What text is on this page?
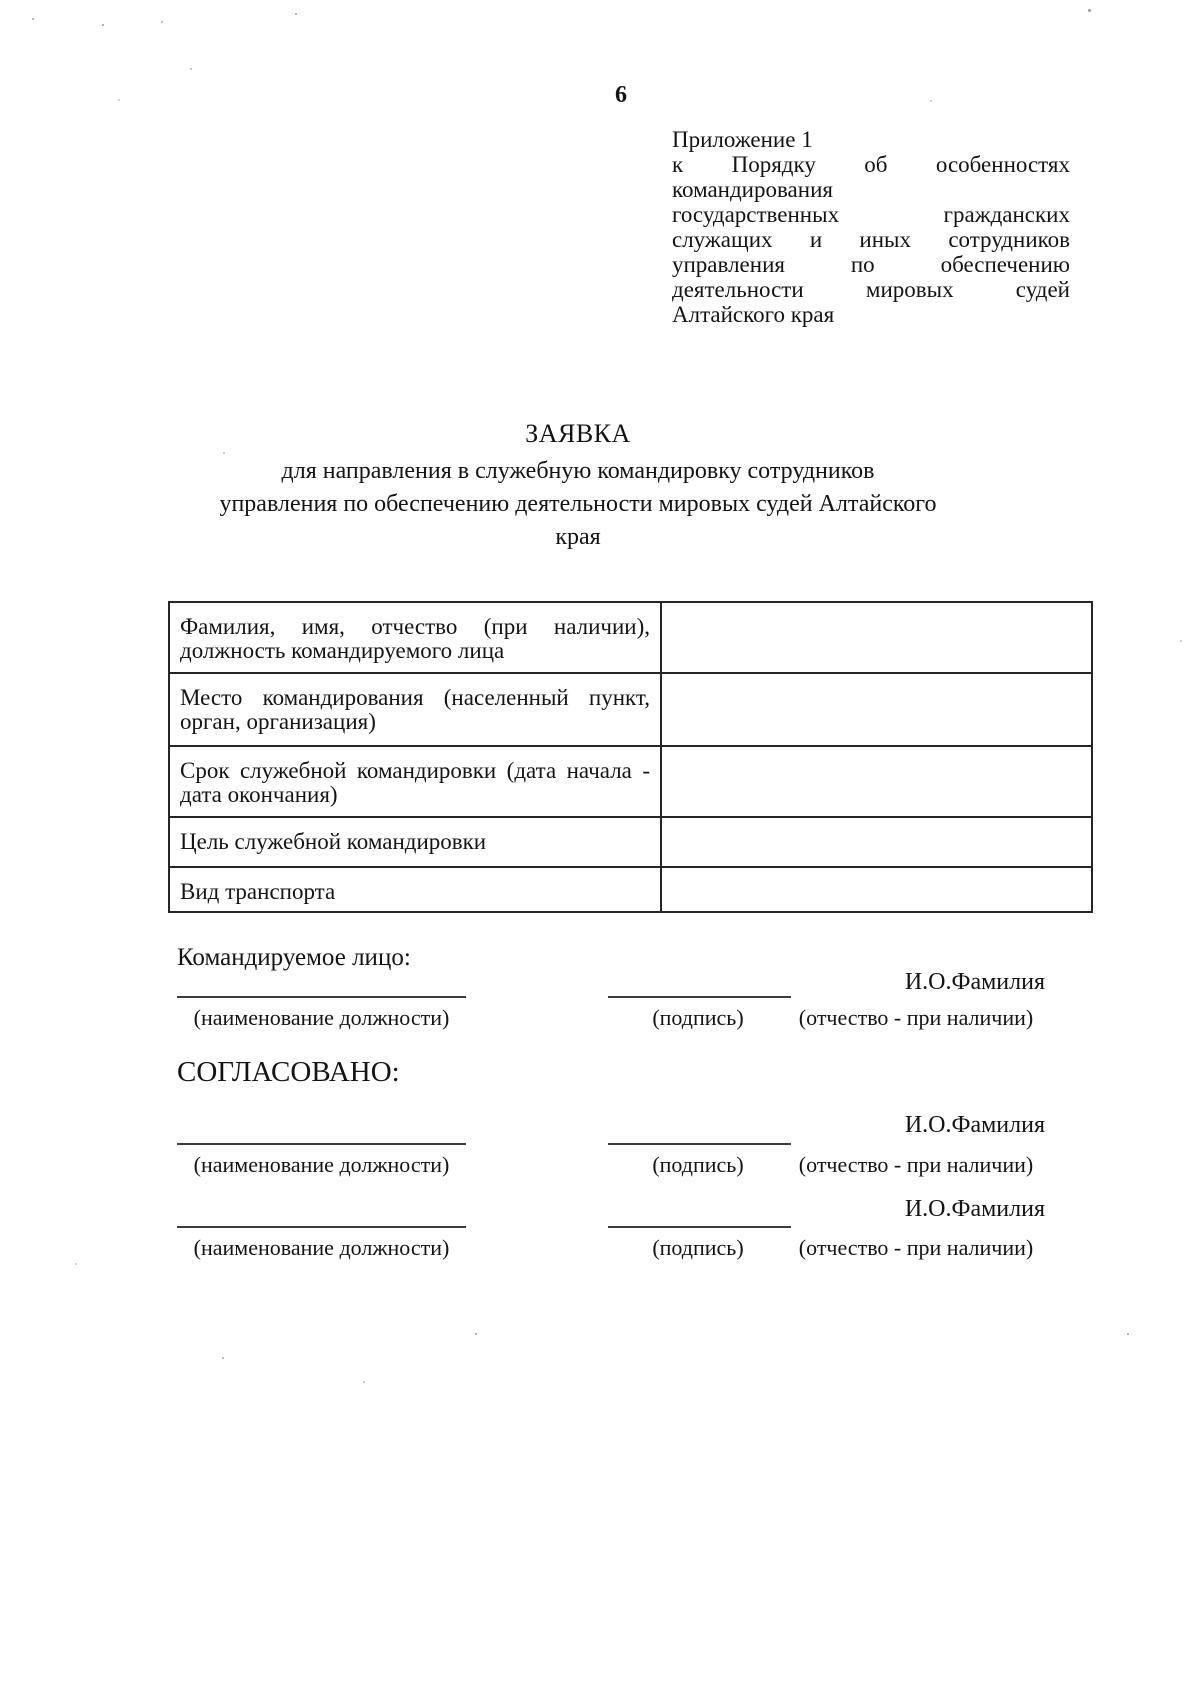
6
Приложение 1
к Порядку об особенностях
командирования
государственных гражданских
служащих и иных сотрудников
управления по обеспечению
деятельности мировых судей
Алтайского края
ЗАЯВКА
для направления в служебную командировку сотрудников
управления по обеспечению деятельности мировых судей Алтайского
края
Фамилия, имя, отчество (при наличии),
должность командируемого лица	

Место командирования (населенный пункт,
орган, организация)	

Срок служебной командировки (дата начала -
дата окончания)	

Цель служебной командировки	

Вид транспорта	

Командируемое лицо:
И.О.Фамилия
(наименование должности)	(подпись)	(отчество - при наличии)
СОГЛАСОВАНО:
И.О.Фамилия
(наименование должности)	(подпись)	(отчество - при наличии)
И.О.Фамилия
(наименование должности)	(подпись)	(отчество - при наличии)
